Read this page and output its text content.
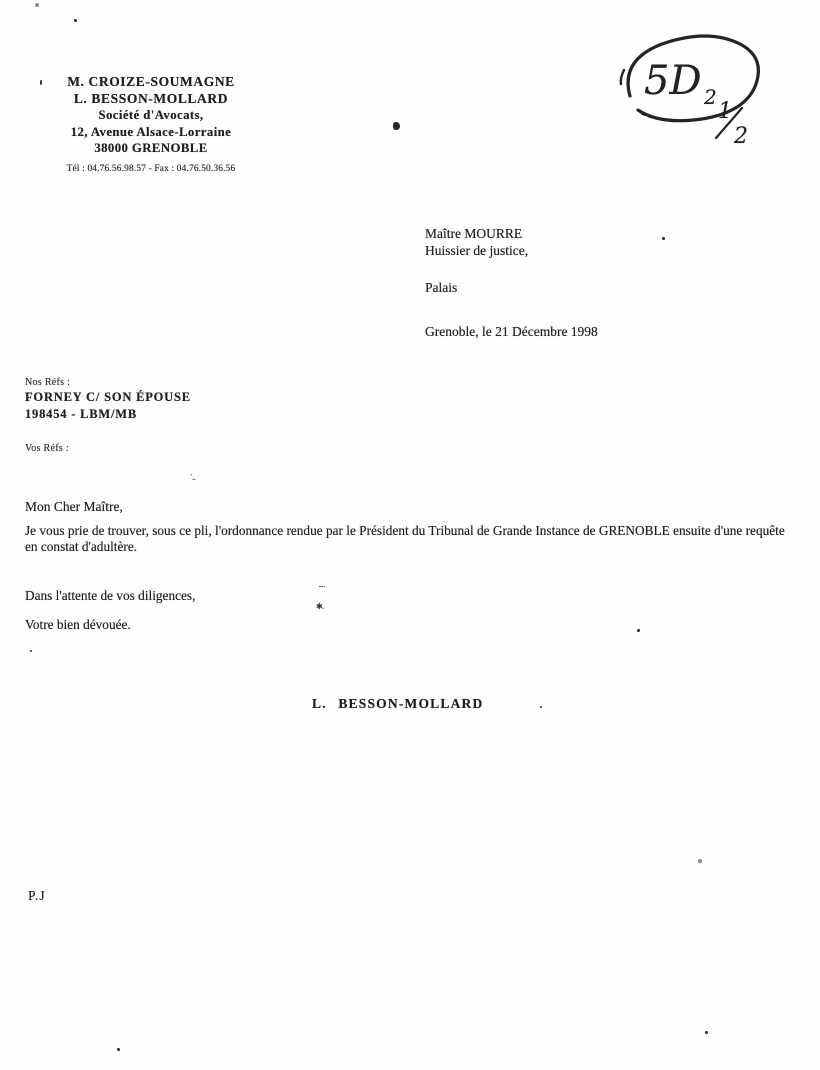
M. CROIZE-SOUMAGNE
L. BESSON-MOLLARD
Société d'Avocats,
12, Avenue Alsace-Lorraine
38000 GRENOBLE
Tél : 04.76.56.98.57 - Fax : 04.76.50.36.56
5D 2
1
2
Maître MOURRE
Huissier de justice,
Palais
Grenoble, le 21 Décembre 1998
Nos Réfs :
FORNEY C/ SON ÉPOUSE
198454 - LBM/MB
Vos Réfs :
Mon Cher Maître,
Je vous prie de trouver, sous ce pli, l'ordonnance rendue par le Président du Tribunal de Grande Instance de GRENOBLE ensuite d'une requête en constat d'adultère.
Dans l'attente de vos diligences,
Votre bien dévouée.
L. BESSON-MOLLARD
P.J
`․․
․․․․
✱․
